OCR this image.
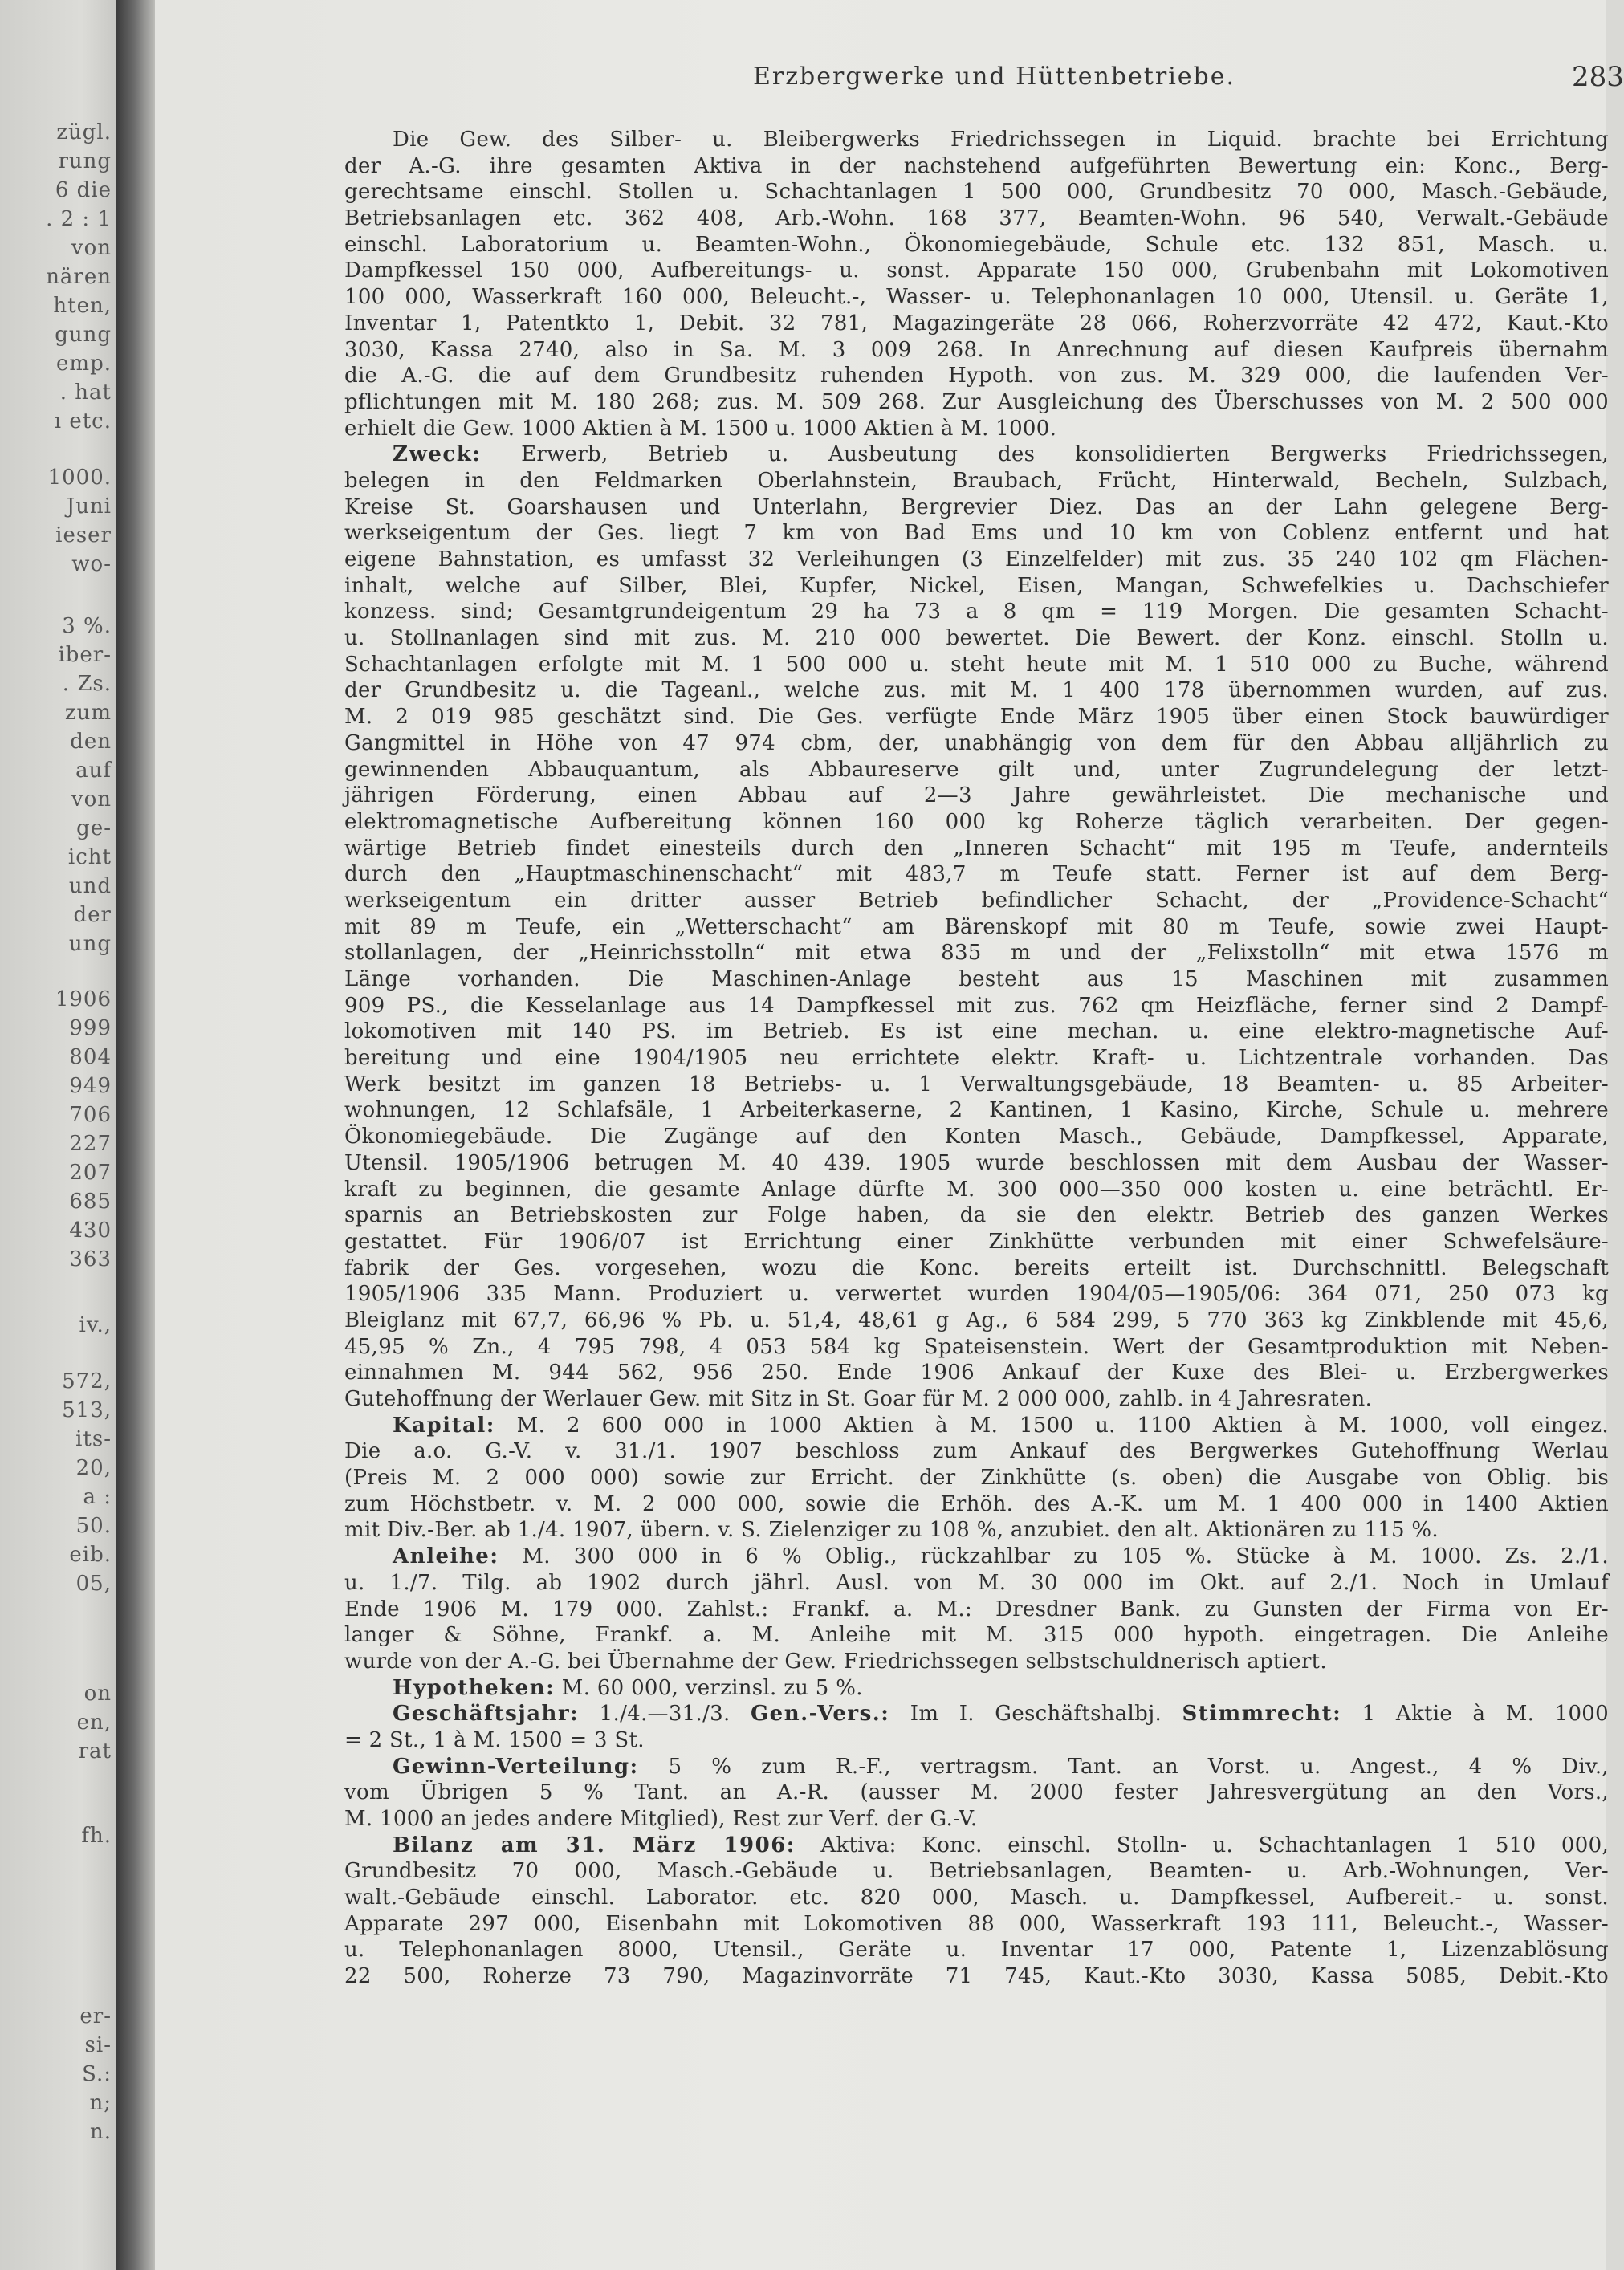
zügl.
rung
6 die
. 2 : 1
von
nären
hten,
gung
emp.
. hat
ı etc.
1000.
Juni
ieser
wo-
3 %.
iber-
. Zs.
zum
den
auf
von
ge-
icht
und
der
ung
1906
999
804
949
706
227
207
685
430
363
iv.,
572,
513,
its-
20,
a :
50.
eib.
05,
on
en,
rat
fh.
er-
si-
S.:
n;
n.
Erzbergwerke und Hüttenbetriebe.	283
Die Gew. des Silber- u. Bleibergwerks Friedrichssegen in Liquid. brachte bei Errichtung
der A.-G. ihre gesamten Aktiva in der nachstehend aufgeführten Bewertung ein: Konc., Berg-
gerechtsame einschl. Stollen u. Schachtanlagen 1 500 000, Grundbesitz 70 000, Masch.-Gebäude,
Betriebsanlagen etc. 362 408, Arb.-Wohn. 168 377, Beamten-Wohn. 96 540, Verwalt.-Gebäude
einschl. Laboratorium u. Beamten-Wohn., Ökonomiegebäude, Schule etc. 132 851, Masch. u.
Dampfkessel 150 000, Aufbereitungs- u. sonst. Apparate 150 000, Grubenbahn mit Lokomotiven
100 000, Wasserkraft 160 000, Beleucht.-, Wasser- u. Telephonanlagen 10 000, Utensil. u. Geräte 1,
Inventar 1, Patentkto 1, Debit. 32 781, Magazingeräte 28 066, Roherzvorräte 42 472, Kaut.-Kto
3030, Kassa 2740, also in Sa. M. 3 009 268. In Anrechnung auf diesen Kaufpreis übernahm
die A.-G. die auf dem Grundbesitz ruhenden Hypoth. von zus. M. 329 000, die laufenden Ver-
pflichtungen mit M. 180 268; zus. M. 509 268. Zur Ausgleichung des Überschusses von M. 2 500 000
erhielt die Gew. 1000 Aktien à M. 1500 u. 1000 Aktien à M. 1000.
Zweck: Erwerb, Betrieb u. Ausbeutung des konsolidierten Bergwerks Friedrichssegen,
belegen in den Feldmarken Oberlahnstein, Braubach, Frücht, Hinterwald, Becheln, Sulzbach,
Kreise St. Goarshausen und Unterlahn, Bergrevier Diez. Das an der Lahn gelegene Berg-
werkseigentum der Ges. liegt 7 km von Bad Ems und 10 km von Coblenz entfernt und hat
eigene Bahnstation, es umfasst 32 Verleihungen (3 Einzelfelder) mit zus. 35 240 102 qm Flächen-
inhalt, welche auf Silber, Blei, Kupfer, Nickel, Eisen, Mangan, Schwefelkies u. Dachschiefer
konzess. sind; Gesamtgrundeigentum 29 ha 73 a 8 qm = 119 Morgen. Die gesamten Schacht-
u. Stollnanlagen sind mit zus. M. 210 000 bewertet. Die Bewert. der Konz. einschl. Stolln u.
Schachtanlagen erfolgte mit M. 1 500 000 u. steht heute mit M. 1 510 000 zu Buche, während
der Grundbesitz u. die Tageanl., welche zus. mit M. 1 400 178 übernommen wurden, auf zus.
M. 2 019 985 geschätzt sind. Die Ges. verfügte Ende März 1905 über einen Stock bauwürdiger
Gangmittel in Höhe von 47 974 cbm, der, unabhängig von dem für den Abbau alljährlich zu
gewinnenden Abbauquantum, als Abbaureserve gilt und, unter Zugrundelegung der letzt-
jährigen Förderung, einen Abbau auf 2—3 Jahre gewährleistet. Die mechanische und
elektromagnetische Aufbereitung können 160 000 kg Roherze täglich verarbeiten. Der gegen-
wärtige Betrieb findet einesteils durch den „Inneren Schacht“ mit 195 m Teufe, andernteils
durch den „Hauptmaschinenschacht“ mit 483,7 m Teufe statt. Ferner ist auf dem Berg-
werkseigentum ein dritter ausser Betrieb befindlicher Schacht, der „Providence-Schacht“
mit 89 m Teufe, ein „Wetterschacht“ am Bärenskopf mit 80 m Teufe, sowie zwei Haupt-
stollanlagen, der „Heinrichsstolln“ mit etwa 835 m und der „Felixstolln“ mit etwa 1576 m
Länge vorhanden. Die Maschinen-Anlage besteht aus 15 Maschinen mit zusammen
909 PS., die Kesselanlage aus 14 Dampfkessel mit zus. 762 qm Heizfläche, ferner sind 2 Dampf-
lokomotiven mit 140 PS. im Betrieb. Es ist eine mechan. u. eine elektro-magnetische Auf-
bereitung und eine 1904/1905 neu errichtete elektr. Kraft- u. Lichtzentrale vorhanden. Das
Werk besitzt im ganzen 18 Betriebs- u. 1 Verwaltungsgebäude, 18 Beamten- u. 85 Arbeiter-
wohnungen, 12 Schlafsäle, 1 Arbeiterkaserne, 2 Kantinen, 1 Kasino, Kirche, Schule u. mehrere
Ökonomiegebäude. Die Zugänge auf den Konten Masch., Gebäude, Dampfkessel, Apparate,
Utensil. 1905/1906 betrugen M. 40 439. 1905 wurde beschlossen mit dem Ausbau der Wasser-
kraft zu beginnen, die gesamte Anlage dürfte M. 300 000—350 000 kosten u. eine beträchtl. Er-
sparnis an Betriebskosten zur Folge haben, da sie den elektr. Betrieb des ganzen Werkes
gestattet. Für 1906/07 ist Errichtung einer Zinkhütte verbunden mit einer Schwefelsäure-
fabrik der Ges. vorgesehen, wozu die Konc. bereits erteilt ist. Durchschnittl. Belegschaft
1905/1906 335 Mann. Produziert u. verwertet wurden 1904/05—1905/06: 364 071, 250 073 kg
Bleiglanz mit 67,7, 66,96 % Pb. u. 51,4, 48,61 g Ag., 6 584 299, 5 770 363 kg Zinkblende mit 45,6,
45,95 % Zn., 4 795 798, 4 053 584 kg Spateisenstein. Wert der Gesamtproduktion mit Neben-
einnahmen M. 944 562, 956 250. Ende 1906 Ankauf der Kuxe des Blei- u. Erzbergwerkes
Gutehoffnung der Werlauer Gew. mit Sitz in St. Goar für M. 2 000 000, zahlb. in 4 Jahresraten.
Kapital: M. 2 600 000 in 1000 Aktien à M. 1500 u. 1100 Aktien à M. 1000, voll eingez.
Die a.o. G.-V. v. 31./1. 1907 beschloss zum Ankauf des Bergwerkes Gutehoffnung Werlau
(Preis M. 2 000 000) sowie zur Erricht. der Zinkhütte (s. oben) die Ausgabe von Oblig. bis
zum Höchstbetr. v. M. 2 000 000, sowie die Erhöh. des A.-K. um M. 1 400 000 in 1400 Aktien
mit Div.-Ber. ab 1./4. 1907, übern. v. S. Zielenziger zu 108 %, anzubiet. den alt. Aktionären zu 115 %.
Anleihe: M. 300 000 in 6 % Oblig., rückzahlbar zu 105 %. Stücke à M. 1000. Zs. 2./1.
u. 1./7. Tilg. ab 1902 durch jährl. Ausl. von M. 30 000 im Okt. auf 2./1. Noch in Umlauf
Ende 1906 M. 179 000. Zahlst.: Frankf. a. M.: Dresdner Bank. zu Gunsten der Firma von Er-
langer & Söhne, Frankf. a. M. Anleihe mit M. 315 000 hypoth. eingetragen. Die Anleihe
wurde von der A.-G. bei Übernahme der Gew. Friedrichssegen selbstschuldnerisch aptiert.
Hypotheken: M. 60 000, verzinsl. zu 5 %.
Geschäftsjahr: 1./4.—31./3. Gen.-Vers.: Im I. Geschäftshalbj. Stimmrecht: 1 Aktie à M. 1000
= 2 St., 1 à M. 1500 = 3 St.
Gewinn-Verteilung: 5 % zum R.-F., vertragsm. Tant. an Vorst. u. Angest., 4 % Div.,
vom Übrigen 5 % Tant. an A.-R. (ausser M. 2000 fester Jahresvergütung an den Vors.,
M. 1000 an jedes andere Mitglied), Rest zur Verf. der G.-V.
Bilanz am 31. März 1906: Aktiva: Konc. einschl. Stolln- u. Schachtanlagen 1 510 000,
Grundbesitz 70 000, Masch.-Gebäude u. Betriebsanlagen, Beamten- u. Arb.-Wohnungen, Ver-
walt.-Gebäude einschl. Laborator. etc. 820 000, Masch. u. Dampfkessel, Aufbereit.- u. sonst.
Apparate 297 000, Eisenbahn mit Lokomotiven 88 000, Wasserkraft 193 111, Beleucht.-, Wasser-
u. Telephonanlagen 8000, Utensil., Geräte u. Inventar 17 000, Patente 1, Lizenzablösung
22 500, Roherze 73 790, Magazinvorräte 71 745, Kaut.-Kto 3030, Kassa 5085, Debit.-Kto
